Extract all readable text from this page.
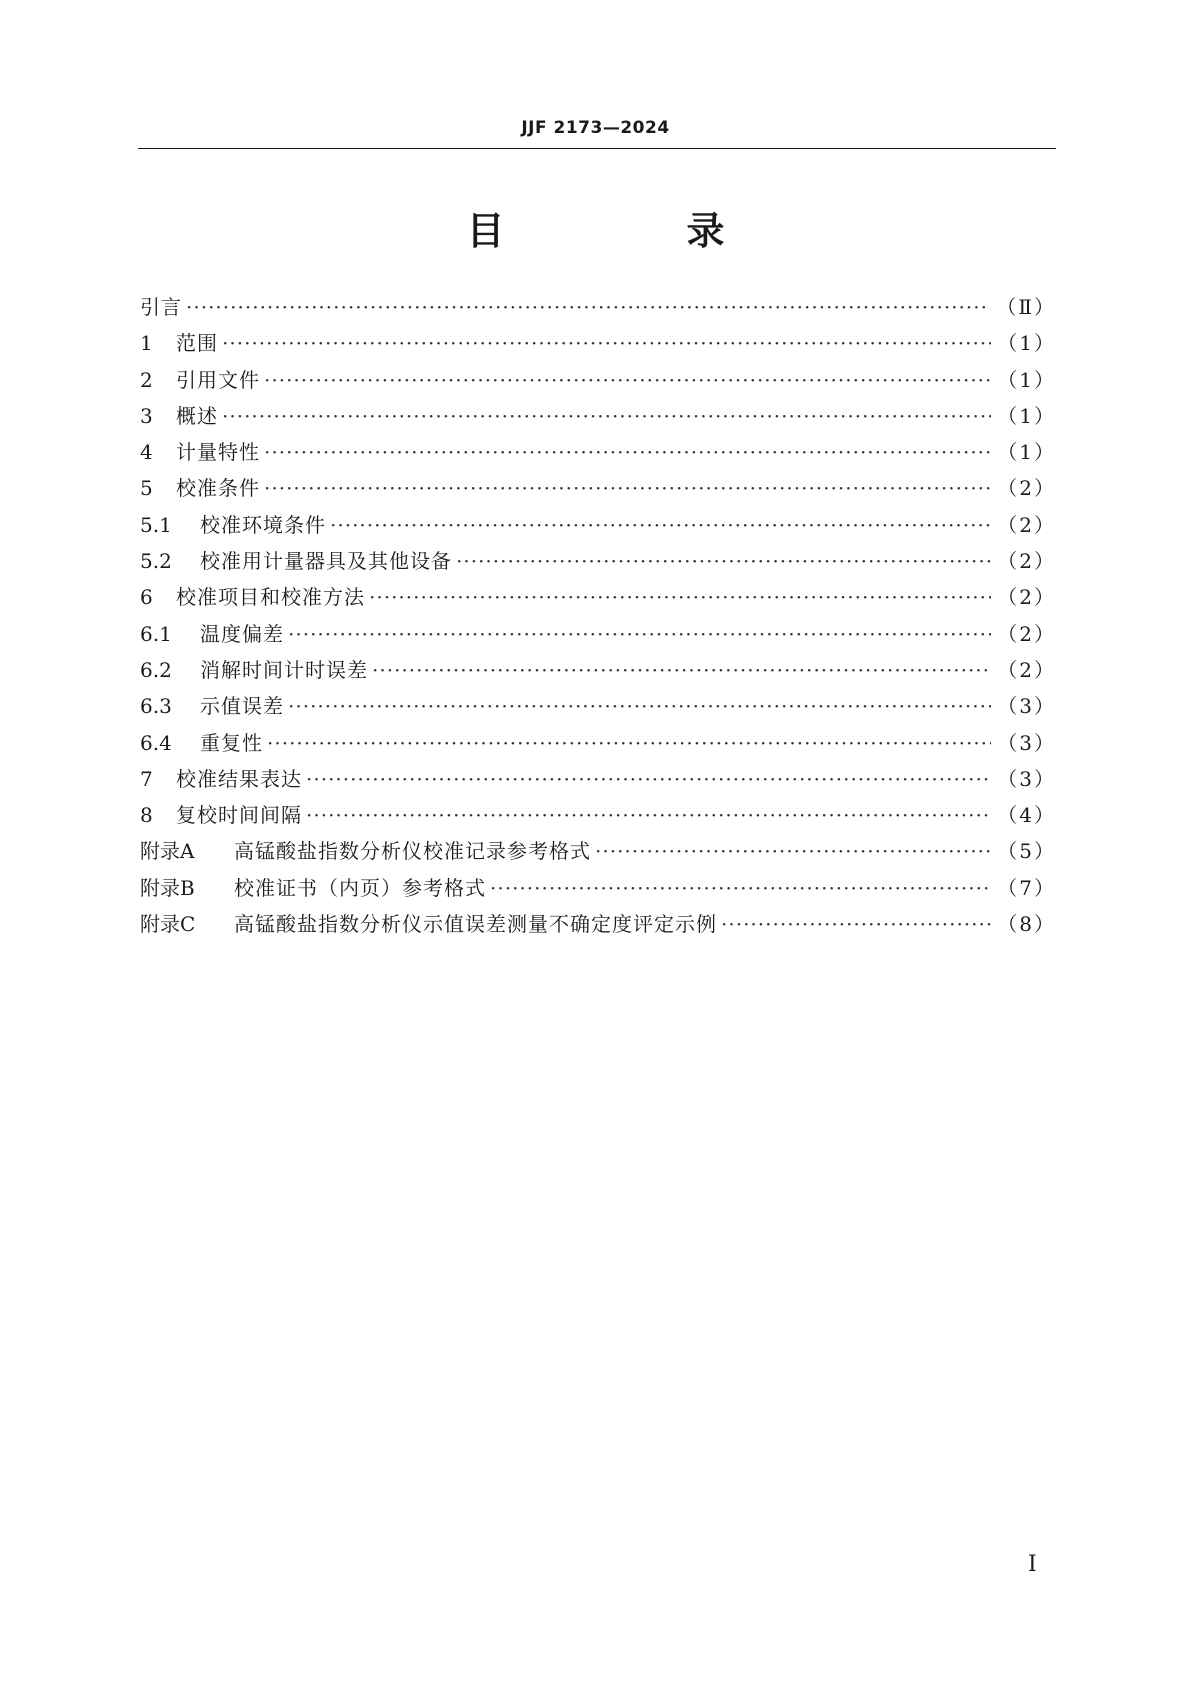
JJF 2173—2024
目　录
引言 ·····	（Ⅱ）
1	范围 ·····	（1）
2	引用文件 ·····	（1）
3	概述 ·····	（1）
4	计量特性 ·····	（1）
5	校准条件 ·····	（2）
5.1	校准环境条件 ·····	（2）
5.2	校准用计量器具及其他设备 ·····	（2）
6	校准项目和校准方法 ·····	（2）
6.1	温度偏差 ·····	（2）
6.2	消解时间计时误差 ·····	（2）
6.3	示值误差 ·····	（3）
6.4	重复性 ·····	（3）
7	校准结果表达 ·····	（3）
8	复校时间间隔 ·····	（4）
附录A	高锰酸盐指数分析仪校准记录参考格式 ·····	（5）
附录B	校准证书（内页）参考格式 ·····	（7）
附录C	高锰酸盐指数分析仪示值误差测量不确定度评定示例 ·····	（8）
Ⅰ
